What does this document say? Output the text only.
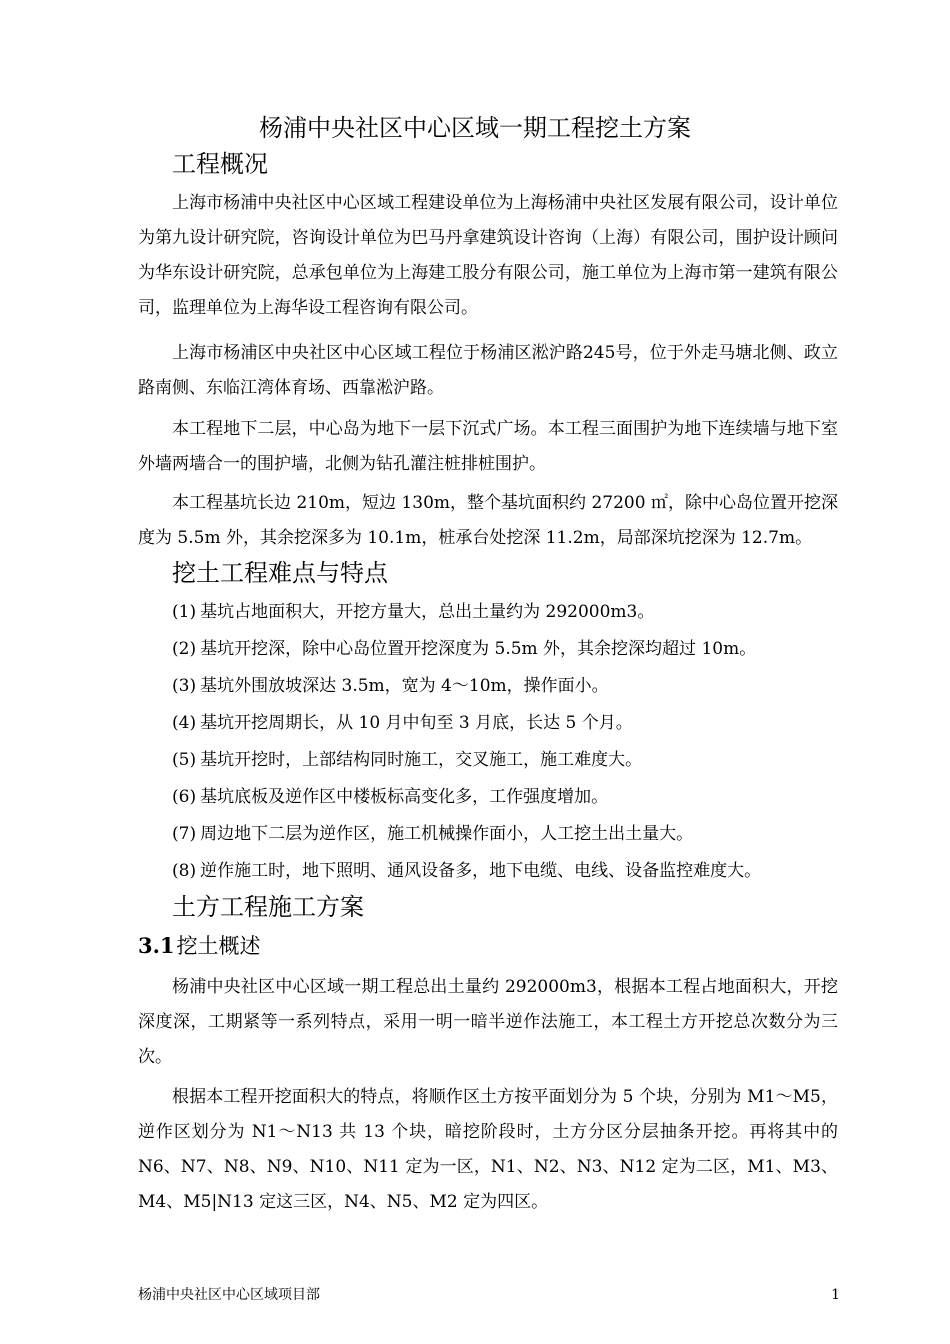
杨浦中央社区中心区域一期工程挖土方案
工程概况

上海市杨浦中央社区中心区域工程建设单位为上海杨浦中央社区发展有限公司，设计单位为第九设计研究院，咨询设计单位为巴马丹拿建筑设计咨询（上海）有限公司，围护设计顾问为华东设计研究院，总承包单位为上海建工股分有限公司，施工单位为上海市第一建筑有限公司，监理单位为上海华设工程咨询有限公司。

上海市杨浦区中央社区中心区域工程位于杨浦区淞沪路245号，位于外走马塘北侧、政立路南侧、东临江湾体育场、西靠淞沪路。

本工程地下二层，中心岛为地下一层下沉式广场。本工程三面围护为地下连续墙与地下室外墙两墙合一的围护墙，北侧为钻孔灌注桩排桩围护。

本工程基坑长边 210m，短边 130m，整个基坑面积约 27200 ㎡，除中心岛位置开挖深度为 5.5m 外，其余挖深多为 10.1m，桩承台处挖深 11.2m，局部深坑挖深为 12.7m。

挖土工程难点与特点
(1) 基坑占地面积大，开挖方量大，总出土量约为 292000m3。
(2) 基坑开挖深，除中心岛位置开挖深度为 5.5m 外，其余挖深均超过 10m。
(3) 基坑外围放坡深达 3.5m，宽为 4～10m，操作面小。
(4) 基坑开挖周期长，从 10 月中旬至 3 月底，长达 5 个月。
(5) 基坑开挖时，上部结构同时施工，交叉施工，施工难度大。
(6) 基坑底板及逆作区中楼板标高变化多，工作强度增加。
(7) 周边地下二层为逆作区，施工机械操作面小，人工挖土出土量大。
(8) 逆作施工时，地下照明、通风设备多，地下电缆、电线、设备监控难度大。
土方工程施工方案
3.1挖土概述

杨浦中央社区中心区域一期工程总出土量约 292000m3，根据本工程占地面积大，开挖深度深，工期紧等一系列特点，采用一明一暗半逆作法施工，本工程土方开挖总次数分为三次。

根据本工程开挖面积大的特点，将顺作区土方按平面划分为 5 个块，分别为 M1～M5，逆作区划分为 N1～N13 共 13 个块，暗挖阶段时，土方分区分层抽条开挖。再将其中的 N6、N7、N8、N9、N10、N11 定为一区，N1、N2、N3、N12 定为二区，M1、M3、M4、M5|N13 定这三区，N4、N5、M2 定为四区。

杨浦中央社区中心区域项目部	1
